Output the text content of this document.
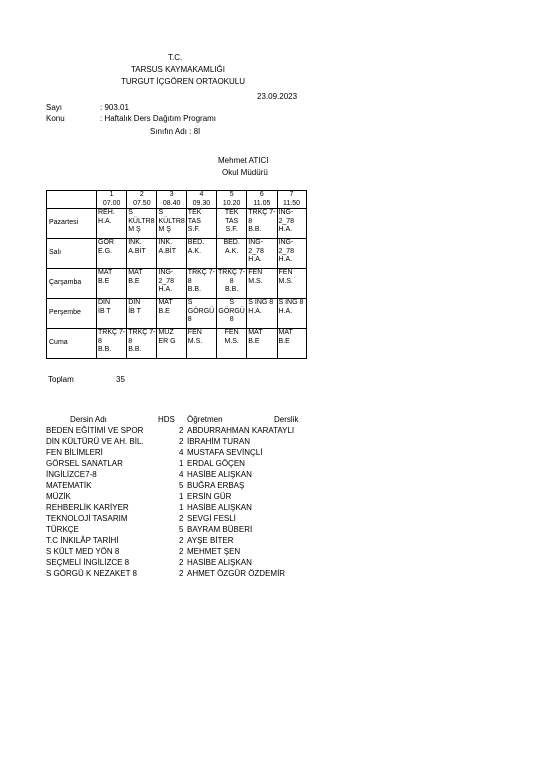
T.C.
TARSUS KAYMAKAMLIĞI
TURGUT İÇGÖREN ORTAOKULU
23.09.2023
Sayı	: 903.01
Konu	: Haftalık Ders Dağıtım Programı
Sınıfın Adı : 8I
Mehmet ATICI
Okul Müdürü

	1
07.00	2
07.50	3
08.40	4
09.30	5
10.20	6
11.05	7
11.50

Pazartesi	REH.
H.A.	S
KÜLTR8
M Ş	S
KÜLTR8
M Ş	TEK
TAS
S.F.	TEK
TAS
S.F.	TRKÇ 7-
8
B.B.	İNG-
2_78
H.A.

Salı	GÖR
E.G.	İNK.
A.BİT	İNK.
A.BİT	BED.
A.K.	BED.
A.K.	İNG-
2_78
H.A.	İNG-
2_78
H.A.

Çarşamba	MAT
B.E	MAT
B.E	İNG-
2_78
H.A.	TRKÇ 7-
8
B.B.	TRKÇ 7-
8
B.B.	FEN
M.S.	FEN
M.S.

Perşembe	DİN
İB T	DİN
İB T	MAT
B.E	S
GÖRGÜ
8	S
GÖRGÜ
8	S İNG 8
H.A.	S İNG 8
H.A.

Cuma	TRKÇ 7-
8
B.B.	TRKÇ 7-
8
B.B.	MÜZ
ER G	FEN
M.S.	FEN
M.S.	MAT
B.E	MAT
B.E
Toplam	35
Dersin Adı	HDS Öğretmen	Derslik
BEDEN EĞİTİMİ VE SPOR	2 ABDURRAHMAN KARATAYLI
DİN KÜLTÜRÜ VE AH. BİL.	2 İBRAHİM TURAN
FEN BİLİMLERİ	4 MUSTAFA SEVİNÇLİ
GÖRSEL SANATLAR	1 ERDAL GÖÇEN
İNGİLİZCE7-8	4 HASİBE ALIŞKAN
MATEMATİK	5 BUĞRA ERBAŞ
MÜZİK	1 ERSİN GÜR
REHBERLİK KARİYER	1 HASİBE ALIŞKAN
TEKNOLOJİ TASARIM	2 SEVGİ FESLİ
TÜRKÇE	5 BAYRAM BÜBERİ
T.C İNKILÂP TARİHİ	2 AYŞE BİTER
S KÜLT MED YÖN 8	2 MEHMET ŞEN
SEÇMELİ İNGİLİZCE 8	2 HASİBE ALIŞKAN
S GÖRGÜ K NEZAKET 8	2 AHMET ÖZGÜR ÖZDEMİR
